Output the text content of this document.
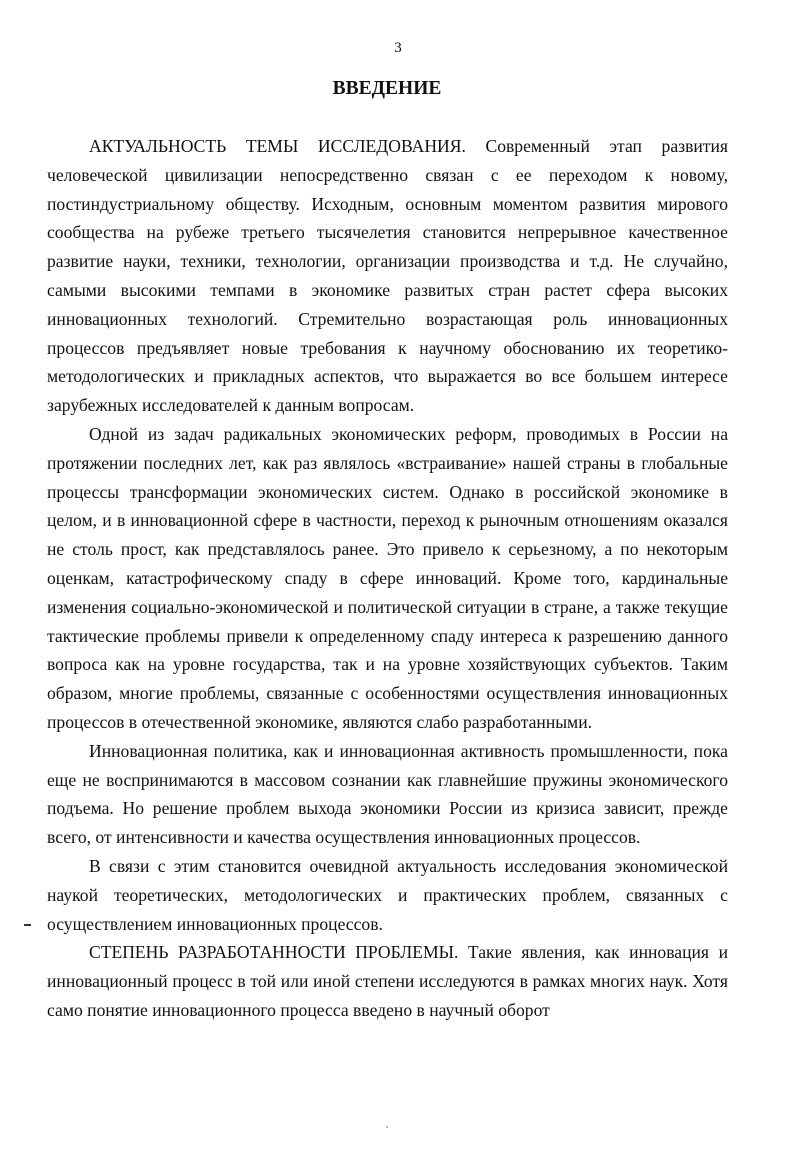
3
ВВЕДЕНИЕ

АКТУАЛЬНОСТЬ ТЕМЫ ИССЛЕДОВАНИЯ. Современный этап развития человеческой цивилизации непосредственно связан с ее переходом к новому, постиндустриальному обществу. Исходным, основным моментом развития мирового сообщества на рубеже третьего тысячелетия становится непрерывное качественное развитие науки, техники, технологии, организации производства и т.д. Не случайно, самыми высокими темпами в экономике развитых стран растет сфера высоких инновационных технологий. Стремительно возрастающая роль инновационных процессов предъявляет новые требования к научному обоснованию их теоретико-методологических и прикладных аспектов, что выражается во все большем интересе зарубежных исследователей к данным вопросам.

Одной из задач радикальных экономических реформ, проводимых в России на протяжении последних лет, как раз являлось «встраивание» нашей страны в глобальные процессы трансформации экономических систем. Однако в российской экономике в целом, и в инновационной сфере в частности, переход к рыночным отношениям оказался не столь прост, как представлялось ранее. Это привело к серьезному, а по некоторым оценкам, катастрофическому спаду в сфере инноваций. Кроме того, кардинальные изменения социально-экономической и политической ситуации в стране, а также текущие тактические проблемы привели к определенному спаду интереса к разрешению данного вопроса как на уровне государства, так и на уровне хозяйствующих субъектов. Таким образом, многие проблемы, связанные с особенностями осуществления инновационных процессов в отечественной экономике, являются слабо разработанными.

Инновационная политика, как и инновационная активность промышленности, пока еще не воспринимаются в массовом сознании как главнейшие пружины экономического подъема. Но решение проблем выхода экономики России из кризиса зависит, прежде всего, от интенсивности и качества осуществления инновационных процессов.

В связи с этим становится очевидной актуальность исследования экономической наукой теоретических, методологических и практических проблем, связанных с осуществлением инновационных процессов.

СТЕПЕНЬ РАЗРАБОТАННОСТИ ПРОБЛЕМЫ. Такие явления, как инновация и инновационный процесс в той или иной степени исследуются в рамках многих наук. Хотя само понятие инновационного процесса введено в научный оборот
